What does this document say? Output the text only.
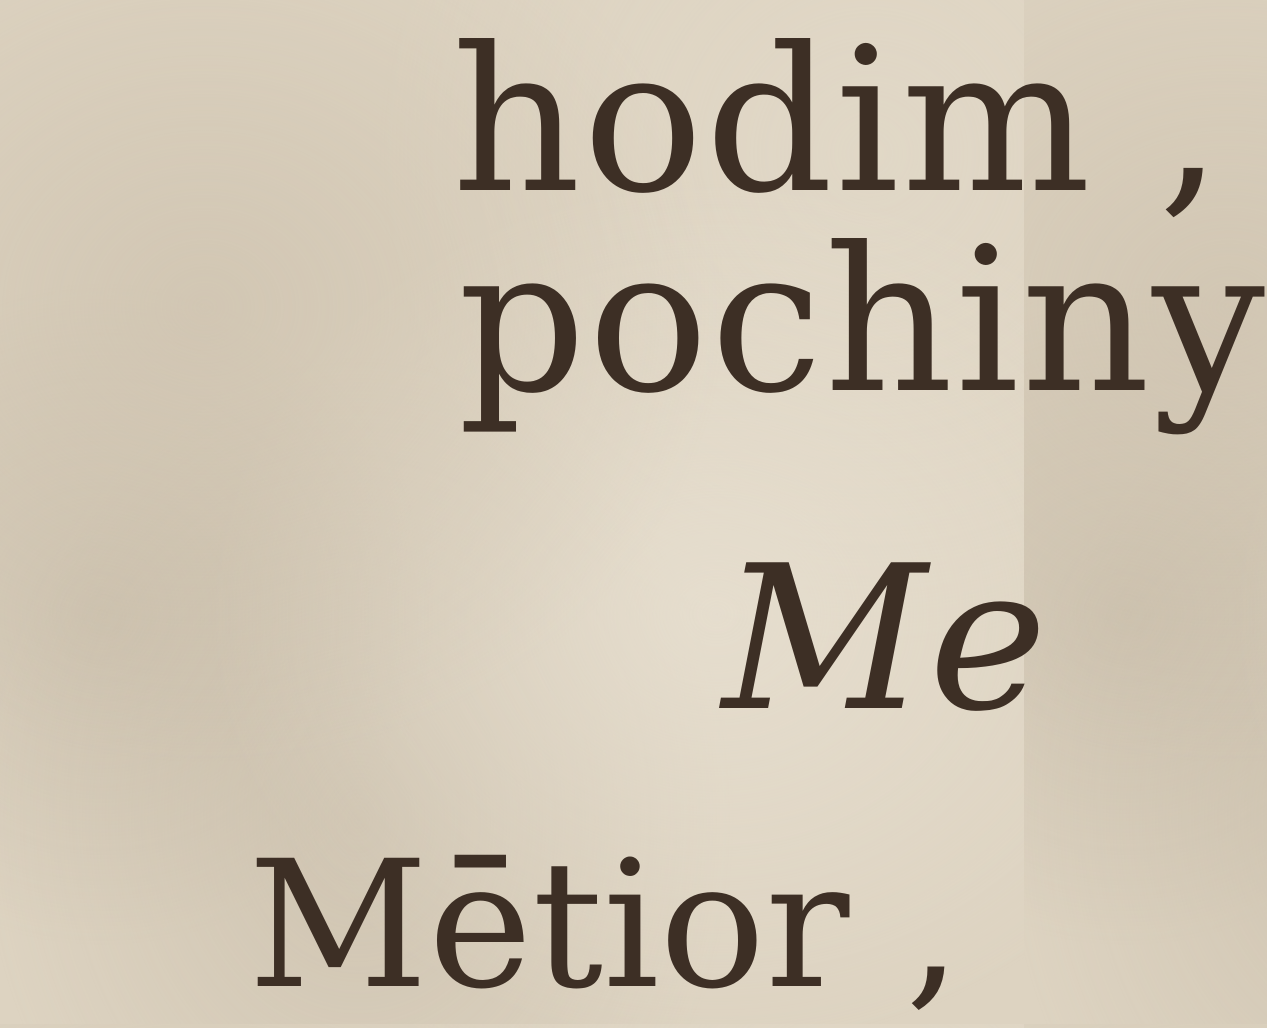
hodim ,
pochiny
Me
Mētior ,
